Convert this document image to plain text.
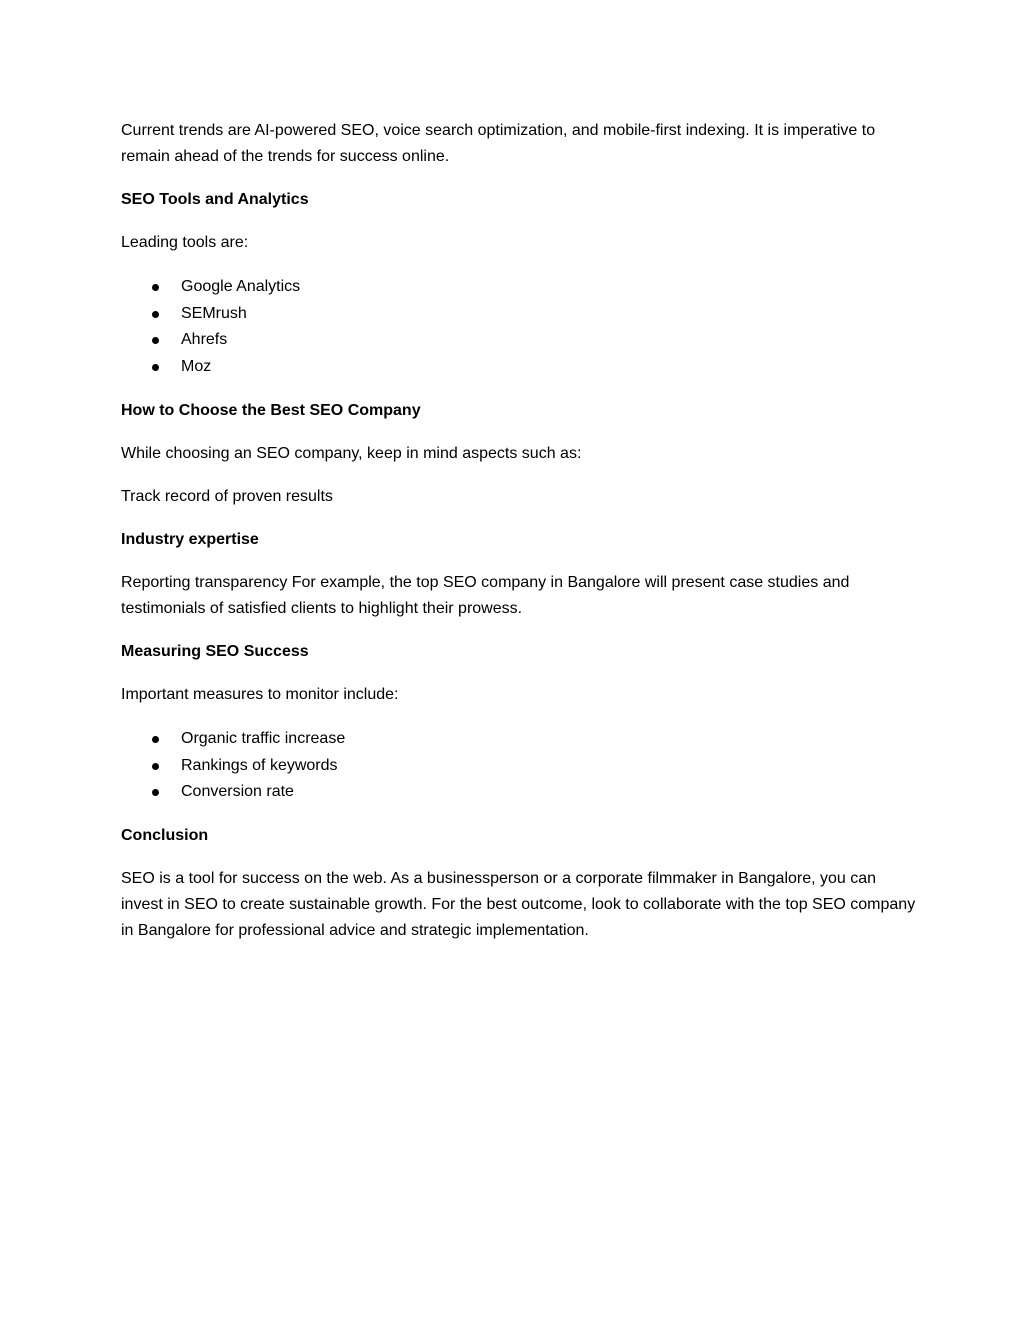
Current trends are AI-powered SEO, voice search optimization, and mobile-first indexing. It is imperative to remain ahead of the trends for success online.

SEO Tools and Analytics

Leading tools are:

Google Analytics
SEMrush
Ahrefs
Moz

How to Choose the Best SEO Company

While choosing an SEO company, keep in mind aspects such as:

Track record of proven results

Industry expertise

Reporting transparency For example, the top SEO company in Bangalore will present case studies and testimonials of satisfied clients to highlight their prowess.

Measuring SEO Success

Important measures to monitor include:

Organic traffic increase
Rankings of keywords
Conversion rate

Conclusion

SEO is a tool for success on the web. As a businessperson or a corporate filmmaker in Bangalore, you can invest in SEO to create sustainable growth. For the best outcome, look to collaborate with the top SEO company in Bangalore for professional advice and strategic implementation.
